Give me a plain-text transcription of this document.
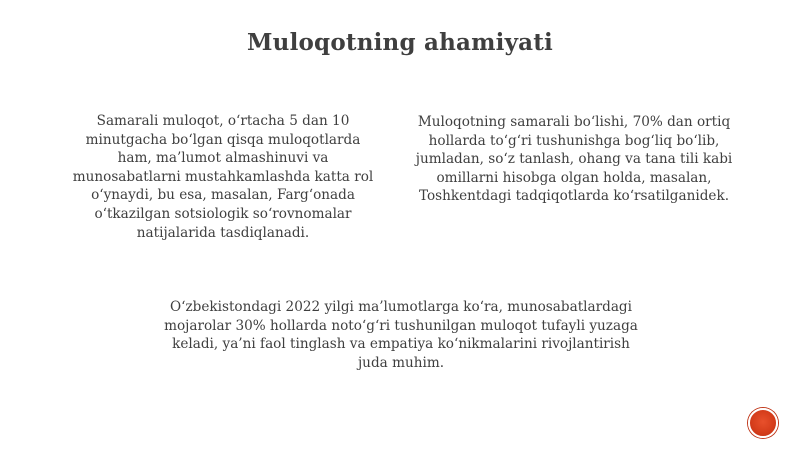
Muloqotning ahamiyati
Samarali muloqot, o‘rtacha 5 dan 10
minutgacha bo‘lgan qisqa muloqotlarda
ham, ma’lumot almashinuvi va
munosabatlarni mustahkamlashda katta rol
o‘ynaydi, bu esa, masalan, Farg‘onada
o‘tkazilgan sotsiologik so‘rovnomalar
natijalarida tasdiqlanadi.
Muloqotning samarali bo‘lishi, 70% dan ortiq
hollarda to‘g‘ri tushunishga bog‘liq bo‘lib,
jumladan, so‘z tanlash, ohang va tana tili kabi
omillarni hisobga olgan holda, masalan,
Toshkentdagi tadqiqotlarda ko‘rsatilganidek.
O‘zbekistondagi 2022 yilgi ma’lumotlarga ko‘ra, munosabatlardagi
mojarolar 30% hollarda noto‘g‘ri tushunilgan muloqot tufayli yuzaga
keladi, ya’ni faol tinglash va empatiya ko‘nikmalarini rivojlantirish
juda muhim.
